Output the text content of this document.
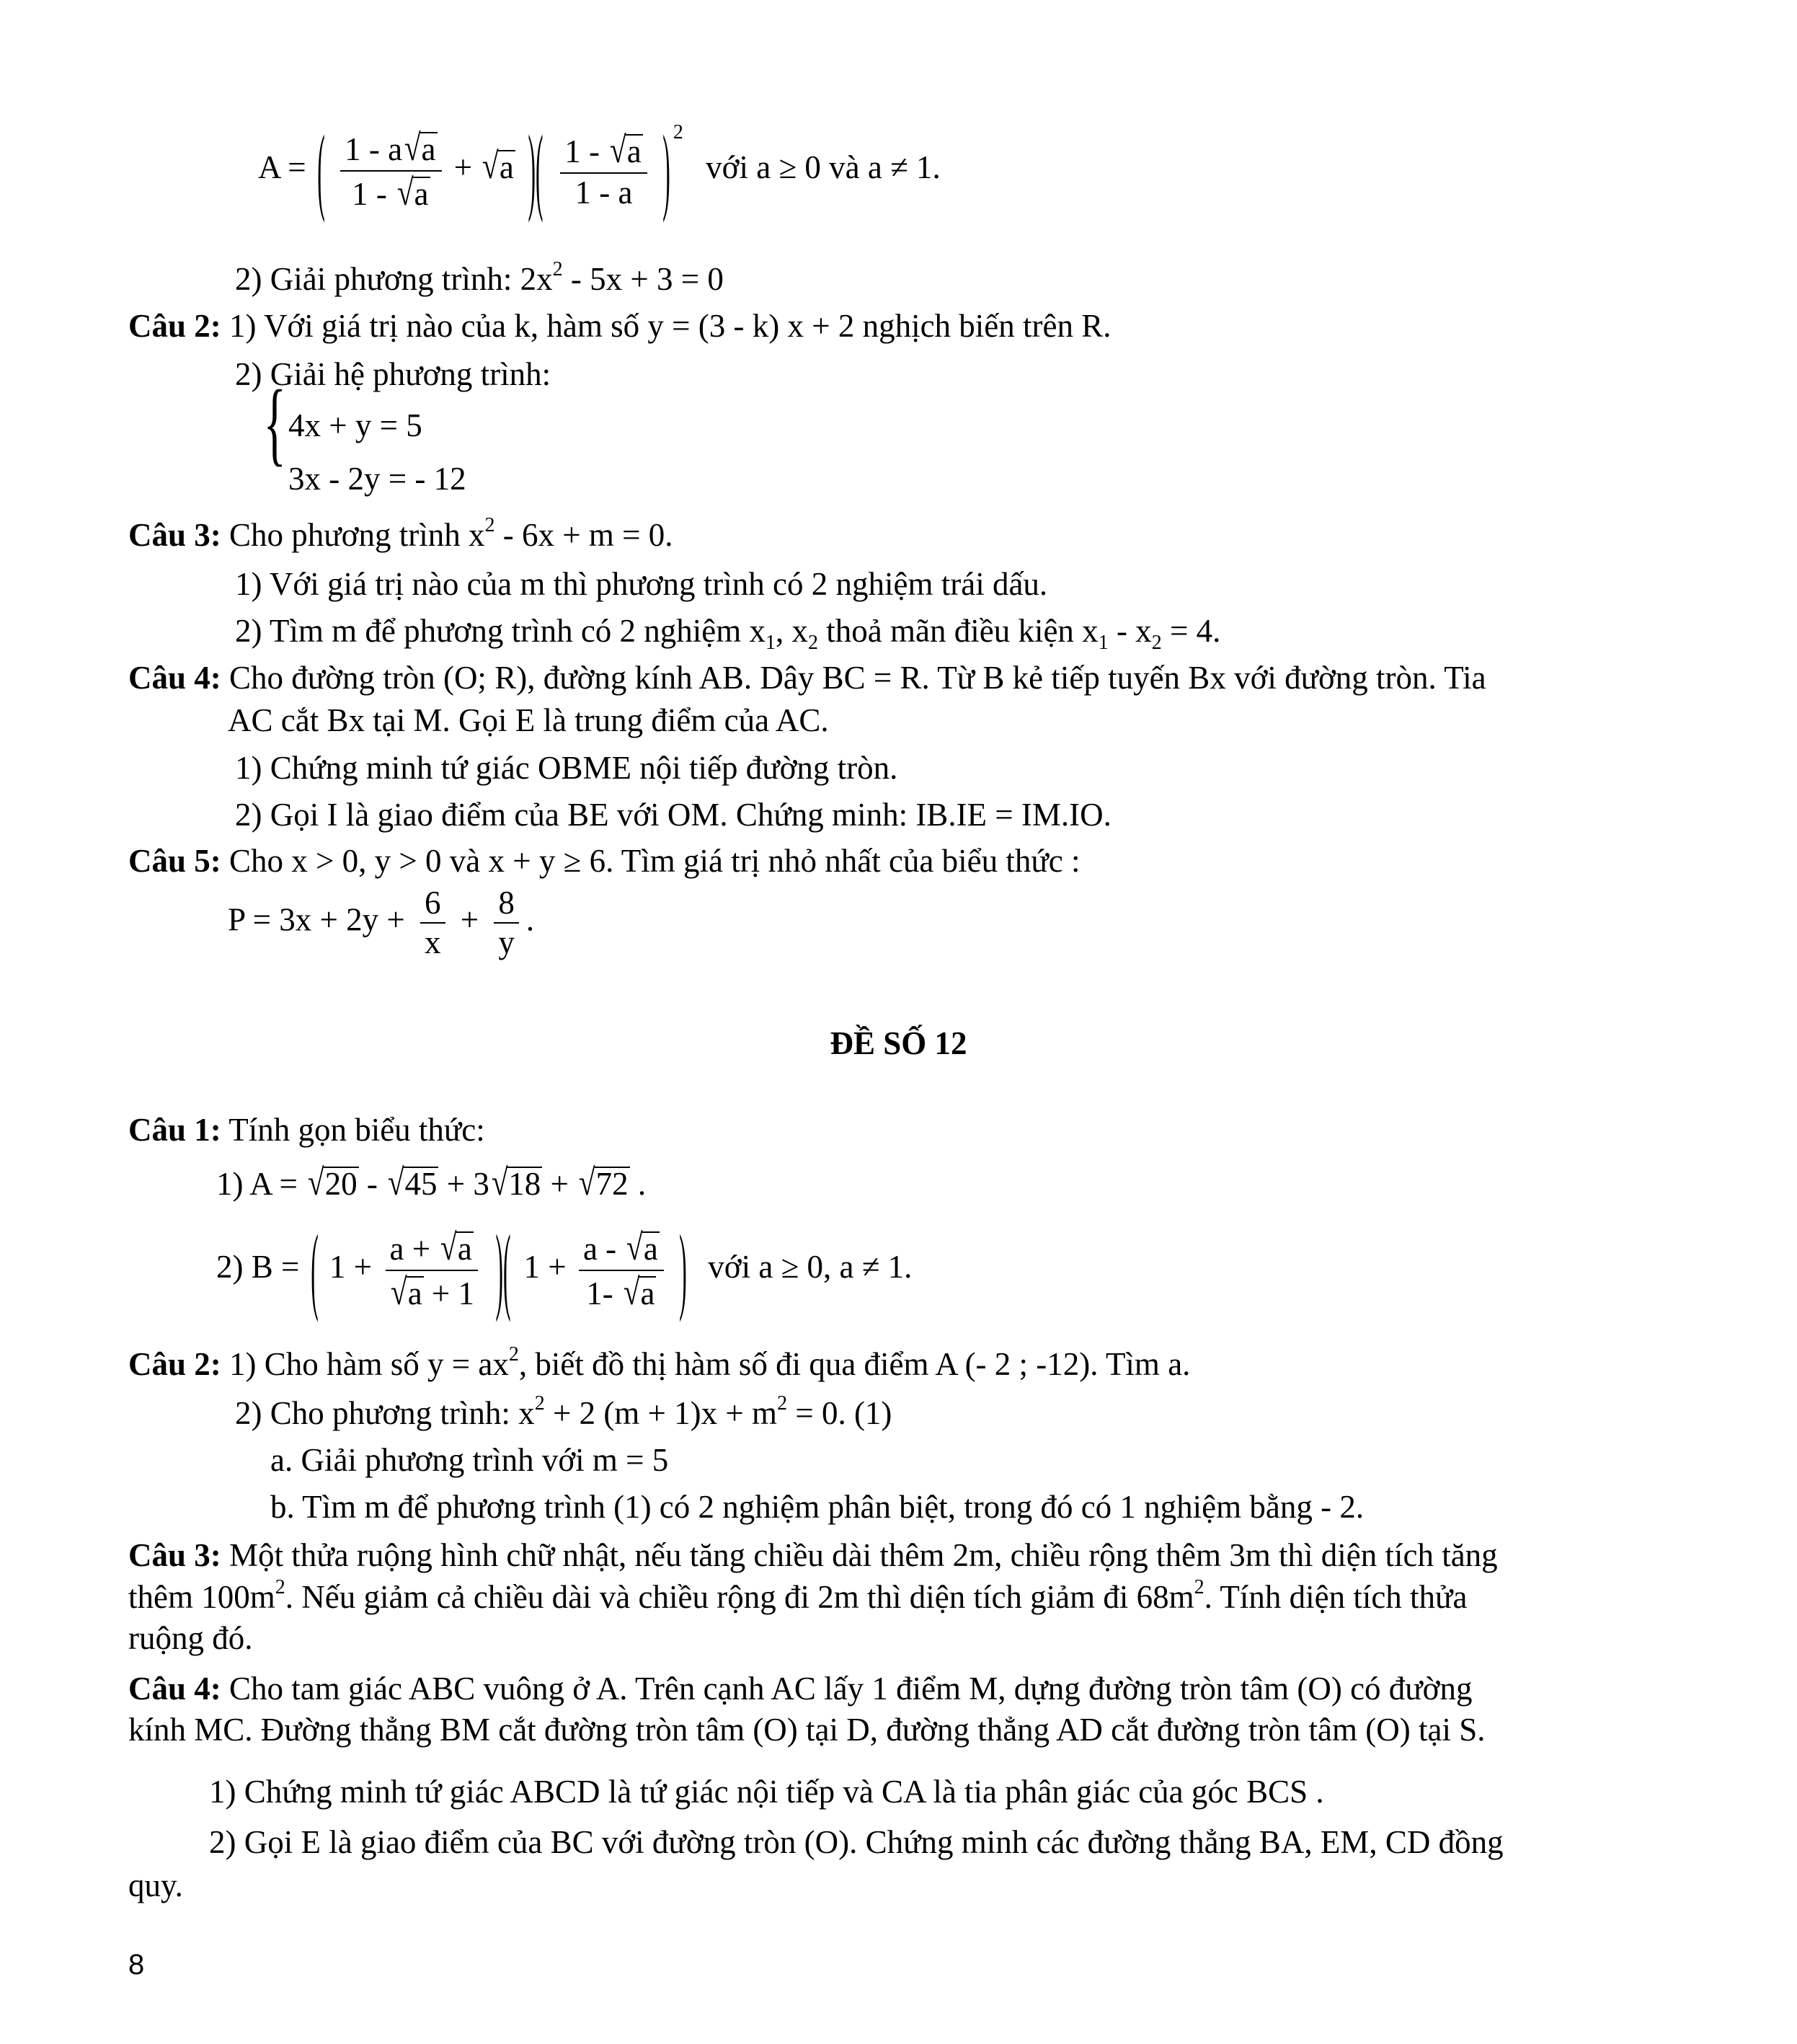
A = ( $\frac{1 - a√a}{1 - √a} + √a$ )( $\frac{1 - √a}{1 - a}$ ) $^2$ với a ≥ 0 và a ≠ 1.
2) Giải phương trình: $2x^2 - 5x + 3 = 0$
Câu 2: 1) Với giá trị nào của k, hàm số y = (3 - k) x + 2 nghịch biến trên R.
2) Giải hệ phương trình:
{ 4x + y = 5
3x - 2y = - 12
Câu 3: Cho phương trình $x^2 - 6x + m = 0$.
1) Với giá trị nào của m thì phương trình có 2 nghiệm trái dấu.
2) Tìm m để phương trình có 2 nghiệm $x_1$, $x_2$ thoả mãn điều kiện $x_1 - x_2 = 4$.
Câu 4: Cho đường tròn (O; R), đường kính AB. Dây BC = R. Từ B kẻ tiếp tuyến Bx với đường tròn. Tia
AC cắt Bx tại M. Gọi E là trung điểm của AC.
1) Chứng minh tứ giác OBME nội tiếp đường tròn.
2) Gọi I là giao điểm của BE với OM. Chứng minh: IB.IE = IM.IO.
Câu 5: Cho x > 0, y > 0 và x + y ≥ 6. Tìm giá trị nhỏ nhất của biểu thức :
$P = 3x + 2y + \frac{6}{x} + \frac{8}{y}$ .
ĐỀ SỐ 12
Câu 1: Tính gọn biểu thức:
1) A = √20 - √45 + 3√18 + √72 .
2) B = ( $1 + \frac{a + √a}{√a + 1}$ )( $1 + \frac{a - √a}{1- √a}$ ) với a ≥ 0, a ≠ 1.
Câu 2: 1) Cho hàm số $y = ax^2$, biết đồ thị hàm số đi qua điểm A (- 2 ; -12). Tìm a.
2) Cho phương trình: $x^2 + 2$ $(m + 1)x + m^2 = 0$. (1)
a. Giải phương trình với m = 5
b. Tìm m để phương trình (1) có 2 nghiệm phân biệt, trong đó có 1 nghiệm bằng - 2.
Câu 3: Một thửa ruộng hình chữ nhật, nếu tăng chiều dài thêm 2m, chiều rộng thêm 3m thì diện tích tăng
thêm $100m^2$. Nếu giảm cả chiều dài và chiều rộng đi 2m thì diện tích giảm đi $68m^2$. Tính diện tích thửa
ruộng đó.
Câu 4: Cho tam giác ABC vuông ở A. Trên cạnh AC lấy 1 điểm M, dựng đường tròn tâm (O) có đường
kính MC. Đường thẳng BM cắt đường tròn tâm (O) tại D, đường thẳng AD cắt đường tròn tâm (O) tại S.
1) Chứng minh tứ giác ABCD là tứ giác nội tiếp và CA là tia phân giác của góc BCS .
2) Gọi E là giao điểm của BC với đường tròn (O). Chứng minh các đường thẳng BA, EM, CD đồng
quy.
8
